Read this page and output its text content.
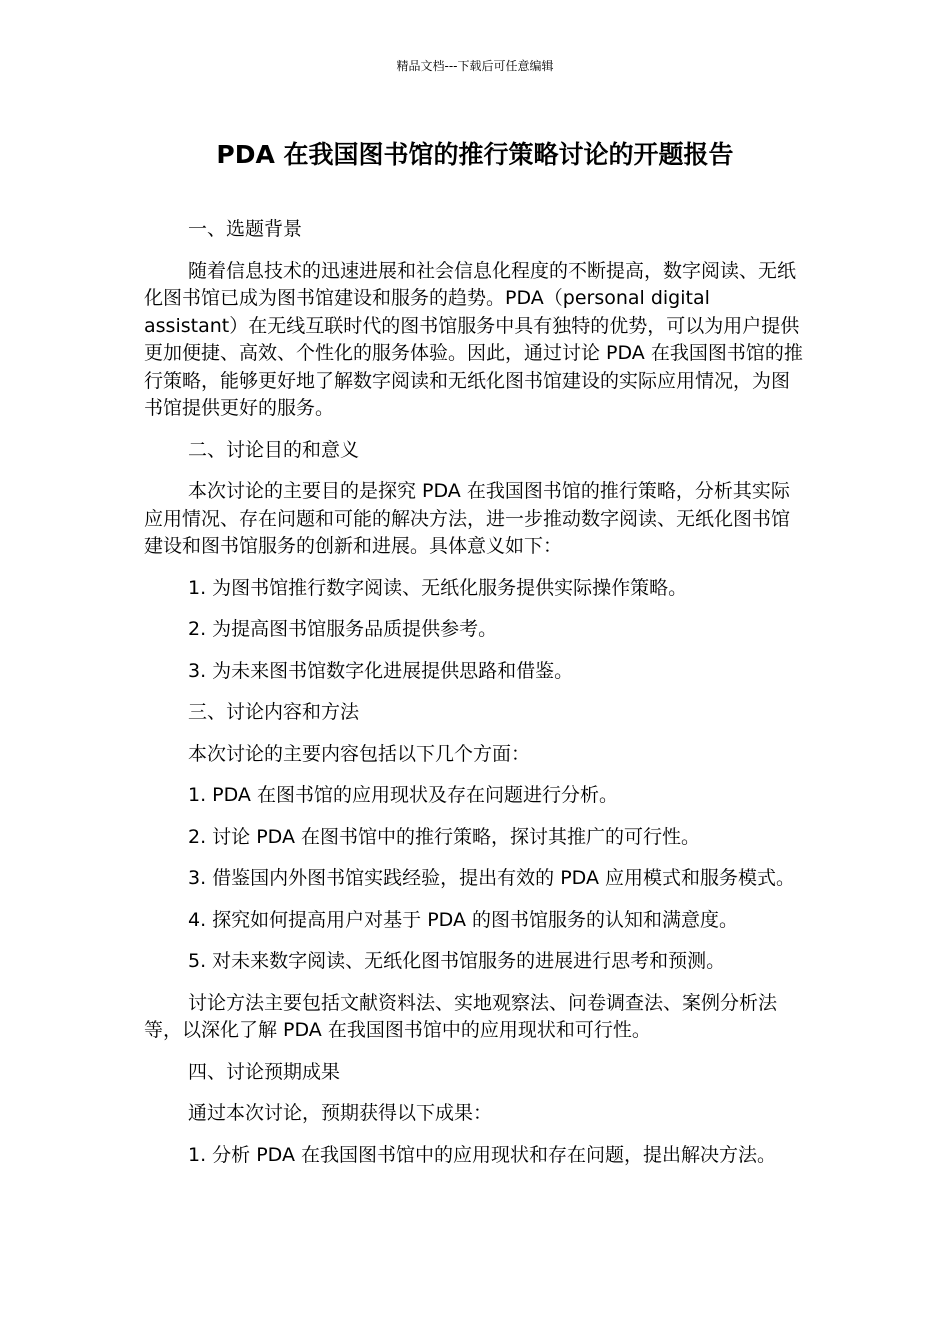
精品文档---下载后可任意编辑
PDA 在我国图书馆的推行策略讨论的开题报告

一、选题背景

随着信息技术的迅速进展和社会信息化程度的不断提高，数字阅读、无纸化图书馆已成为图书馆建设和服务的趋势。PDA（personal digital assistant）在无线互联时代的图书馆服务中具有独特的优势，可以为用户提供更加便捷、高效、个性化的服务体验。因此，通过讨论 PDA 在我国图书馆的推行策略，能够更好地了解数字阅读和无纸化图书馆建设的实际应用情况，为图书馆提供更好的服务。

二、讨论目的和意义

本次讨论的主要目的是探究 PDA 在我国图书馆的推行策略，分析其实际应用情况、存在问题和可能的解决方法，进一步推动数字阅读、无纸化图书馆建设和图书馆服务的创新和进展。具体意义如下：

1. 为图书馆推行数字阅读、无纸化服务提供实际操作策略。

2. 为提高图书馆服务品质提供参考。

3. 为未来图书馆数字化进展提供思路和借鉴。

三、讨论内容和方法

本次讨论的主要内容包括以下几个方面：

1. PDA 在图书馆的应用现状及存在问题进行分析。

2. 讨论 PDA 在图书馆中的推行策略，探讨其推广的可行性。

3. 借鉴国内外图书馆实践经验，提出有效的 PDA 应用模式和服务模式。

4. 探究如何提高用户对基于 PDA 的图书馆服务的认知和满意度。

5. 对未来数字阅读、无纸化图书馆服务的进展进行思考和预测。

讨论方法主要包括文献资料法、实地观察法、问卷调查法、案例分析法等，以深化了解 PDA 在我国图书馆中的应用现状和可行性。

四、讨论预期成果

通过本次讨论，预期获得以下成果：

1. 分析 PDA 在我国图书馆中的应用现状和存在问题，提出解决方法。
